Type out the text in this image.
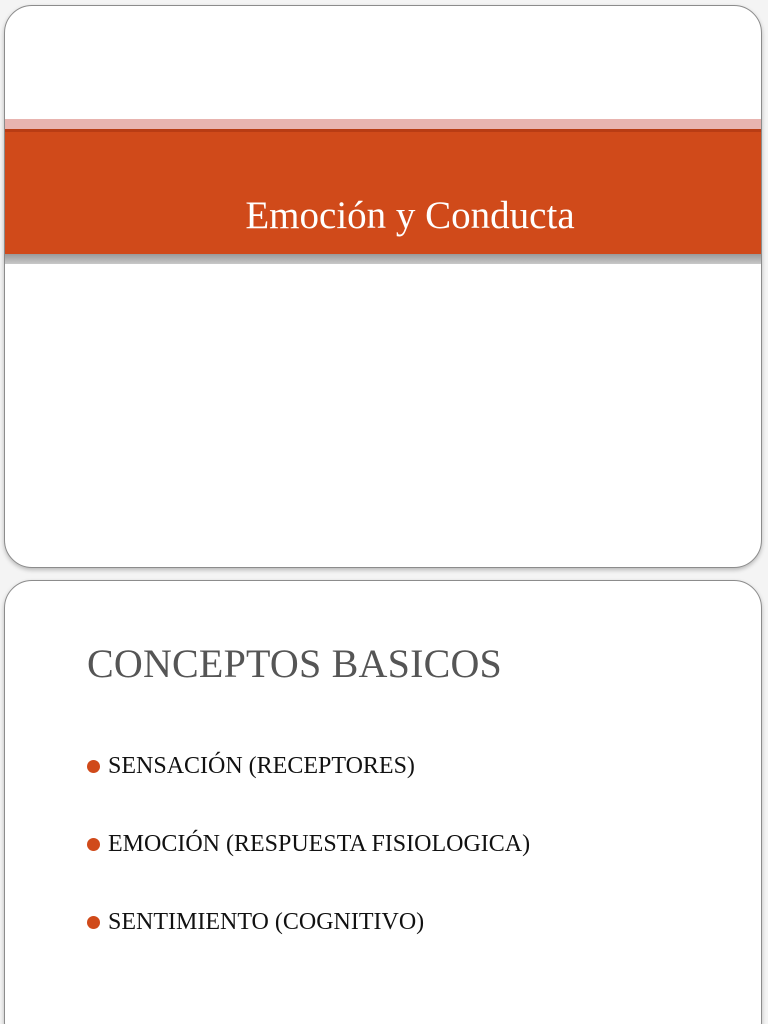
Emoción y Conducta
CONCEPTOS BASICOS
SENSACIÓN (RECEPTORES)
EMOCIÓN (RESPUESTA FISIOLOGICA)
SENTIMIENTO (COGNITIVO)
